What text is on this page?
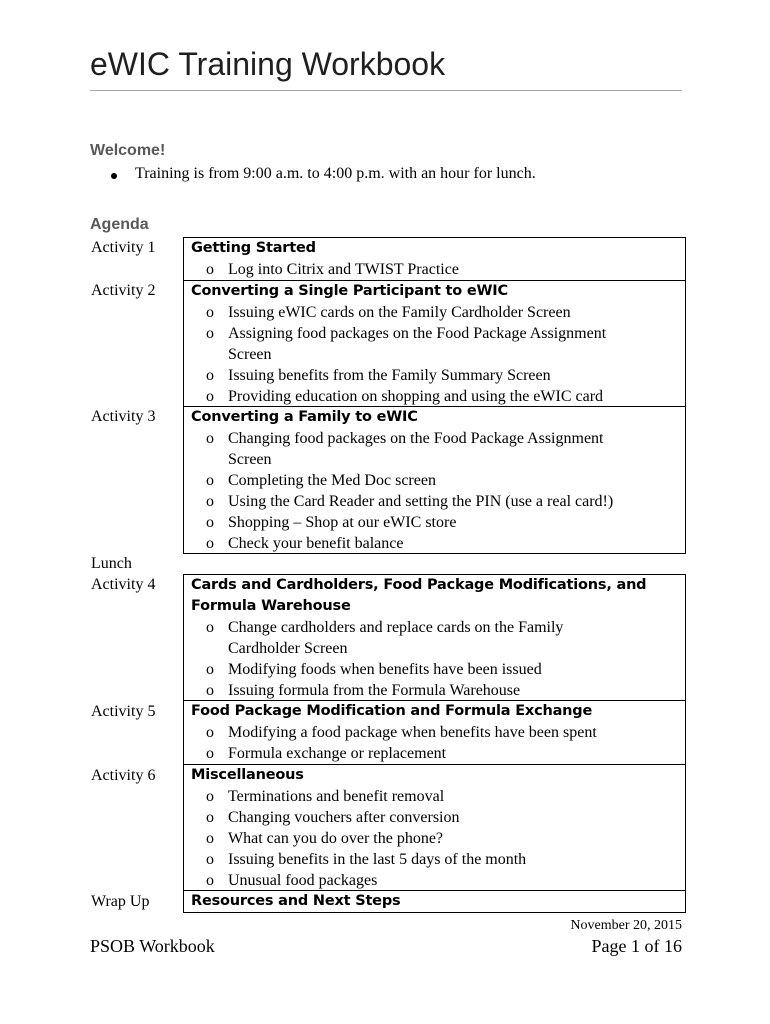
eWIC Training Workbook
Welcome!
Training is from 9:00 a.m. to 4:00 p.m. with an hour for lunch.
Agenda
Activity 1
Activity 2
Activity 3
Lunch
Activity 4
Activity 5
Activity 6
Wrap Up
Getting Started
o Log into Citrix and TWIST Practice
Converting a Single Participant to eWIC
o Issuing eWIC cards on the Family Cardholder Screen
o Assigning food packages on the Food Package Assignment
Screen
o Issuing benefits from the Family Summary Screen
o Providing education on shopping and using the eWIC card
Converting a Family to eWIC
o Changing food packages on the Food Package Assignment
Screen
o Completing the Med Doc screen
o Using the Card Reader and setting the PIN (use a real card!)
o Shopping – Shop at our eWIC store
o Check your benefit balance
Cards and Cardholders, Food Package Modifications, and
Formula Warehouse
o Change cardholders and replace cards on the Family
Cardholder Screen
o Modifying foods when benefits have been issued
o Issuing formula from the Formula Warehouse
Food Package Modification and Formula Exchange
o Modifying a food package when benefits have been spent
o Formula exchange or replacement
Miscellaneous
o Terminations and benefit removal
o Changing vouchers after conversion
o What can you do over the phone?
o Issuing benefits in the last 5 days of the month
o Unusual food packages
Resources and Next Steps
November 20, 2015
PSOB Workbook	Page 1 of 16
